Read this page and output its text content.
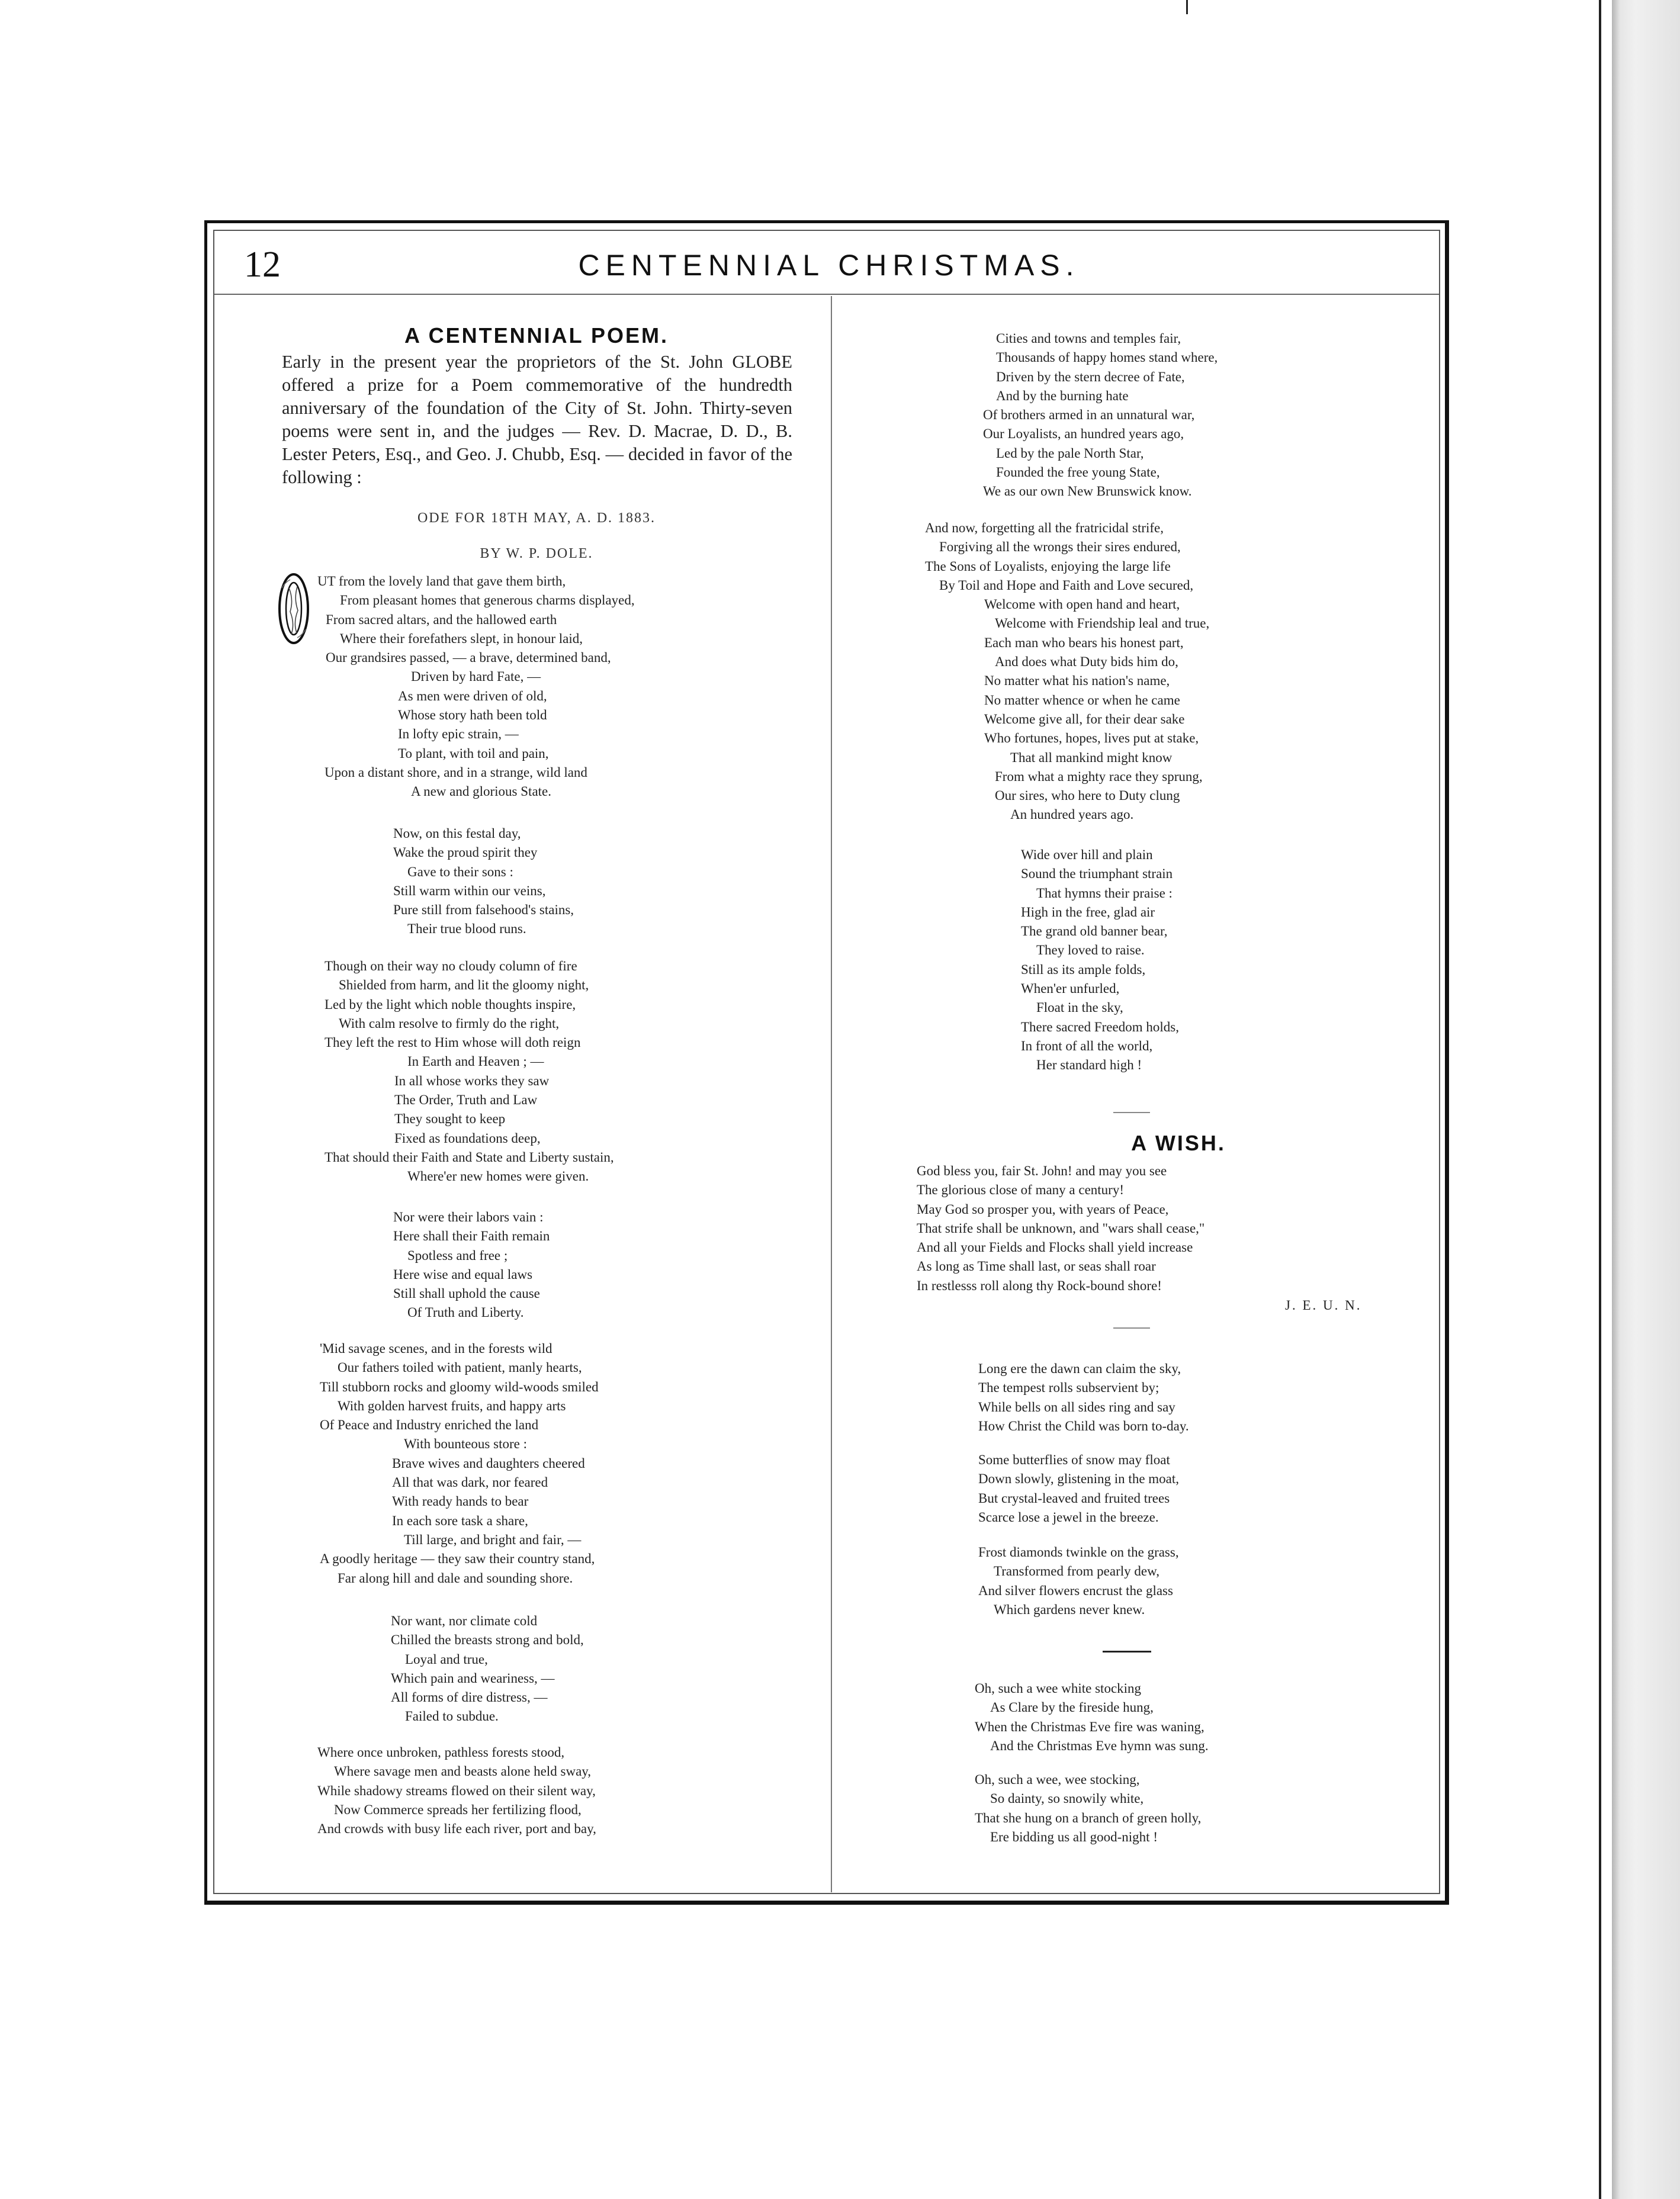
12	CENTENNIAL CHRISTMAS.
A CENTENNIAL POEM.
Early in the present year the proprietors of the St. John GLOBE offered a prize for a Poem commemorative of the hundredth anniversary of the foundation of the City of St. John. Thirty-seven poems were sent in, and the judges — Rev. D. Macrae, D. D., B. Lester Peters, Esq., and Geo. J. Chubb, Esq. — decided in favor of the following :
ODE FOR 18TH MAY, A. D. 1883.
BY W. P. DOLE.
UT from the lovely land that gave them birth,
From pleasant homes that generous charms displayed,
From sacred altars, and the hallowed earth
Where their forefathers slept, in honour laid,
Our grandsires passed, — a brave, determined band,
Driven by hard Fate, —
As men were driven of old,
Whose story hath been told
In lofty epic strain, —
To plant, with toil and pain,
Upon a distant shore, and in a strange, wild land
A new and glorious State.
Now, on this festal day,
Wake the proud spirit they
Gave to their sons :
Still warm within our veins,
Pure still from falsehood's stains,
Their true blood runs.
Though on their way no cloudy column of fire
Shielded from harm, and lit the gloomy night,
Led by the light which noble thoughts inspire,
With calm resolve to firmly do the right,
They left the rest to Him whose will doth reign
In Earth and Heaven ; —
In all whose works they saw
The Order, Truth and Law
They sought to keep
Fixed as foundations deep,
That should their Faith and State and Liberty sustain,
Where'er new homes were given.
Nor were their labors vain :
Here shall their Faith remain
Spotless and free ;
Here wise and equal laws
Still shall uphold the cause
Of Truth and Liberty.
'Mid savage scenes, and in the forests wild
Our fathers toiled with patient, manly hearts,
Till stubborn rocks and gloomy wild-woods smiled
With golden harvest fruits, and happy arts
Of Peace and Industry enriched the land
With bounteous store :
Brave wives and daughters cheered
All that was dark, nor feared
With ready hands to bear
In each sore task a share,
Till large, and bright and fair, —
A goodly heritage — they saw their country stand,
Far along hill and dale and sounding shore.
Nor want, nor climate cold
Chilled the breasts strong and bold,
Loyal and true,
Which pain and weariness, —
All forms of dire distress, —
Failed to subdue.
Where once unbroken, pathless forests stood,
Where savage men and beasts alone held sway,
While shadowy streams flowed on their silent way,
Now Commerce spreads her fertilizing flood,
And crowds with busy life each river, port and bay,
Cities and towns and temples fair,
Thousands of happy homes stand where,
Driven by the stern decree of Fate,
And by the burning hate
Of brothers armed in an unnatural war,
Our Loyalists, an hundred years ago,
Led by the pale North Star,
Founded the free young State,
We as our own New Brunswick know.
And now, forgetting all the fratricidal strife,
Forgiving all the wrongs their sires endured,
The Sons of Loyalists, enjoying the large life
By Toil and Hope and Faith and Love secured,
Welcome with open hand and heart,
Welcome with Friendship leal and true,
Each man who bears his honest part,
And does what Duty bids him do,
No matter what his nation's name,
No matter whence or when he came
Welcome give all, for their dear sake
Who fortunes, hopes, lives put at stake,
That all mankind might know
From what a mighty race they sprung,
Our sires, who here to Duty clung
An hundred years ago.
Wide over hill and plain
Sound the triumphant strain
That hymns their praise :
High in the free, glad air
The grand old banner bear,
They loved to raise.
Still as its ample folds,
When'er unfurled,
Float in the sky,
There sacred Freedom holds,
In front of all the world,
Her standard high !
A WISH.
God bless you, fair St. John! and may you see
The glorious close of many a century!
May God so prosper you, with years of Peace,
That strife shall be unknown, and "wars shall cease,"
And all your Fields and Flocks shall yield increase
As long as Time shall last, or seas shall roar
In restlesss roll along thy Rock-bound shore!
J. E. U. N.
Long ere the dawn can claim the sky,
The tempest rolls subservient by;
While bells on all sides ring and say
How Christ the Child was born to-day.
Some butterflies of snow may float
Down slowly, glistening in the moat,
But crystal-leaved and fruited trees
Scarce lose a jewel in the breeze.
Frost diamonds twinkle on the grass,
Transformed from pearly dew,
And silver flowers encrust the glass
Which gardens never knew.
Oh, such a wee white stocking
As Clare by the fireside hung,
When the Christmas Eve fire was waning,
And the Christmas Eve hymn was sung.
Oh, such a wee, wee stocking,
So dainty, so snowily white,
That she hung on a branch of green holly,
Ere bidding us all good-night !
